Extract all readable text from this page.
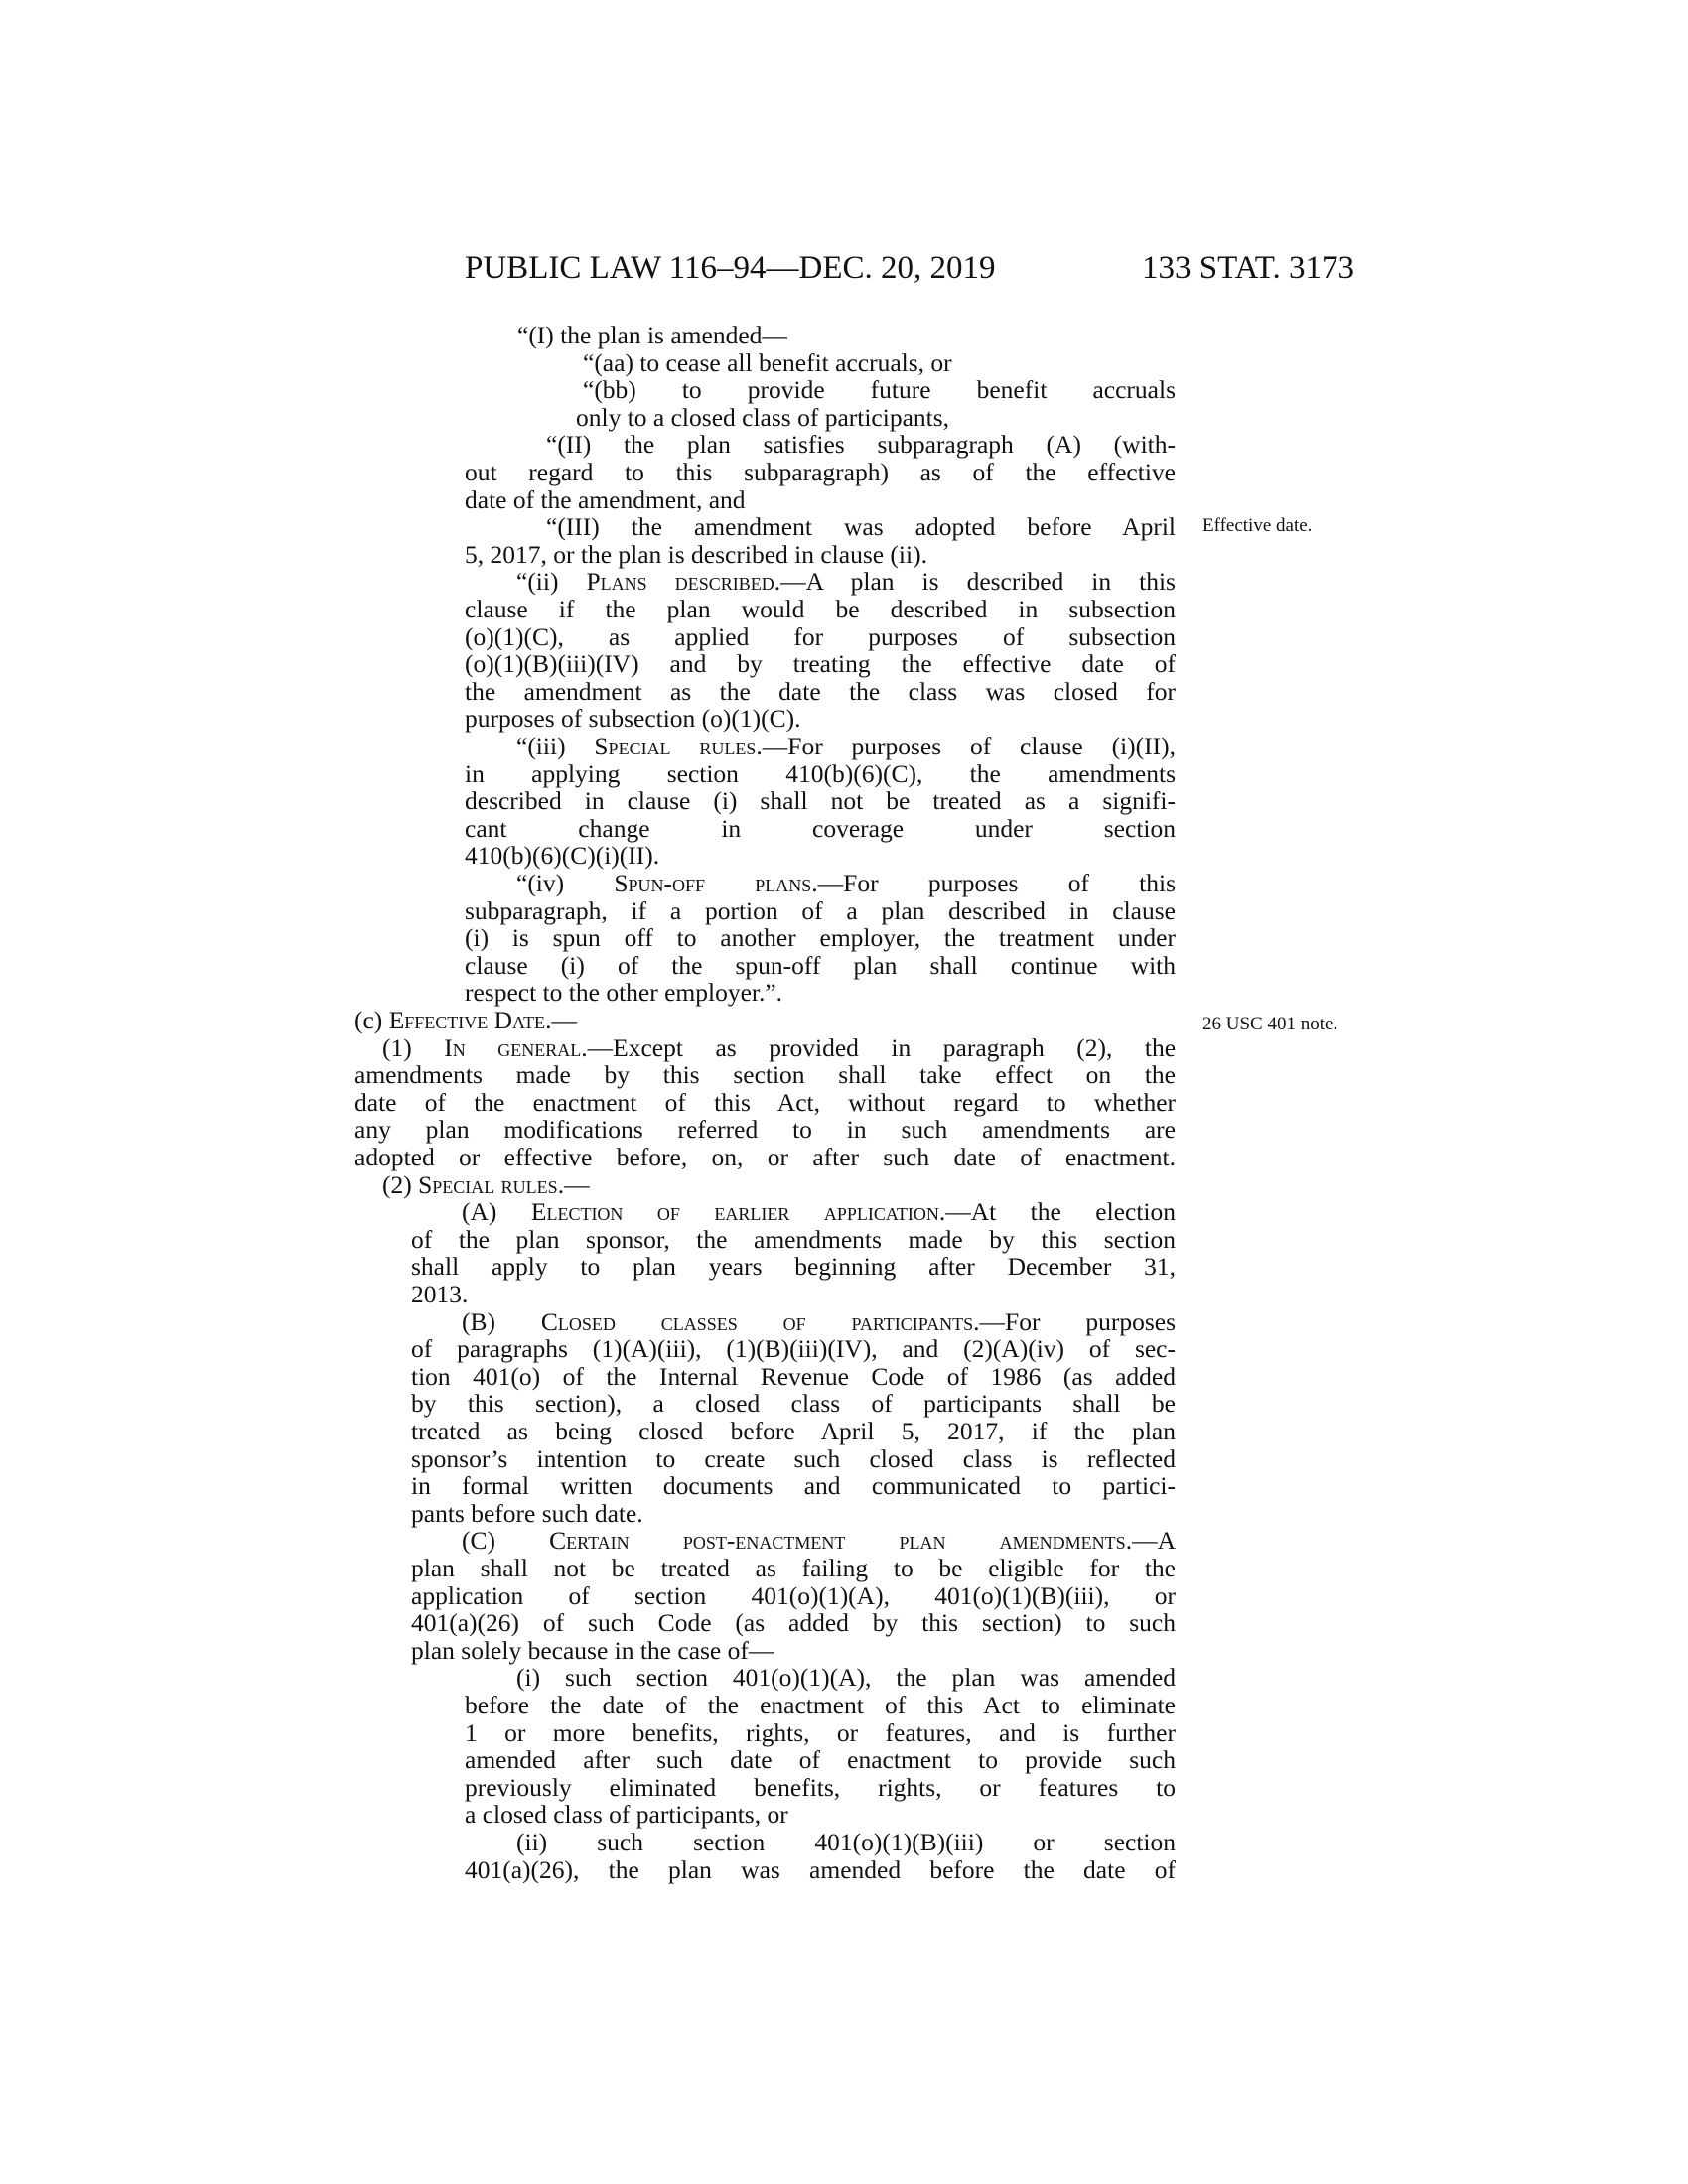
PUBLIC LAW 116–94—DEC. 20, 2019	133 STAT. 3173
Effective date.
26 USC 401 note.
“(I) the plan is amended—
“(aa) to cease all benefit accruals, or
“(bb) to provide future benefit accruals
only to a closed class of participants,
“(II) the plan satisfies subparagraph (A) (with-
out regard to this subparagraph) as of the effective
date of the amendment, and
“(III) the amendment was adopted before April
5, 2017, or the plan is described in clause (ii).
“(ii) Plans described.—A plan is described in this
clause if the plan would be described in subsection
(o)(1)(C), as applied for purposes of subsection
(o)(1)(B)(iii)(IV) and by treating the effective date of
the amendment as the date the class was closed for
purposes of subsection (o)(1)(C).
“(iii) Special rules.—For purposes of clause (i)(II),
in applying section 410(b)(6)(C), the amendments
described in clause (i) shall not be treated as a signifi-
cant change in coverage under section
410(b)(6)(C)(i)(II).
“(iv) Spun-off plans.—For purposes of this
subparagraph, if a portion of a plan described in clause
(i) is spun off to another employer, the treatment under
clause (i) of the spun-off plan shall continue with
respect to the other employer.”.
(c) Effective Date.—
(1) In general.—Except as provided in paragraph (2), the
amendments made by this section shall take effect on the
date of the enactment of this Act, without regard to whether
any plan modifications referred to in such amendments are
adopted or effective before, on, or after such date of enactment.
(2) Special rules.—
(A) Election of earlier application.—At the election
of the plan sponsor, the amendments made by this section
shall apply to plan years beginning after December 31,
2013.
(B) Closed classes of participants.—For purposes
of paragraphs (1)(A)(iii), (1)(B)(iii)(IV), and (2)(A)(iv) of sec-
tion 401(o) of the Internal Revenue Code of 1986 (as added
by this section), a closed class of participants shall be
treated as being closed before April 5, 2017, if the plan
sponsor’s intention to create such closed class is reflected
in formal written documents and communicated to partici-
pants before such date.
(C) Certain post-enactment plan amendments.—A
plan shall not be treated as failing to be eligible for the
application of section 401(o)(1)(A), 401(o)(1)(B)(iii), or
401(a)(26) of such Code (as added by this section) to such
plan solely because in the case of—
(i) such section 401(o)(1)(A), the plan was amended
before the date of the enactment of this Act to eliminate
1 or more benefits, rights, or features, and is further
amended after such date of enactment to provide such
previously eliminated benefits, rights, or features to
a closed class of participants, or
(ii) such section 401(o)(1)(B)(iii) or section
401(a)(26), the plan was amended before the date of
